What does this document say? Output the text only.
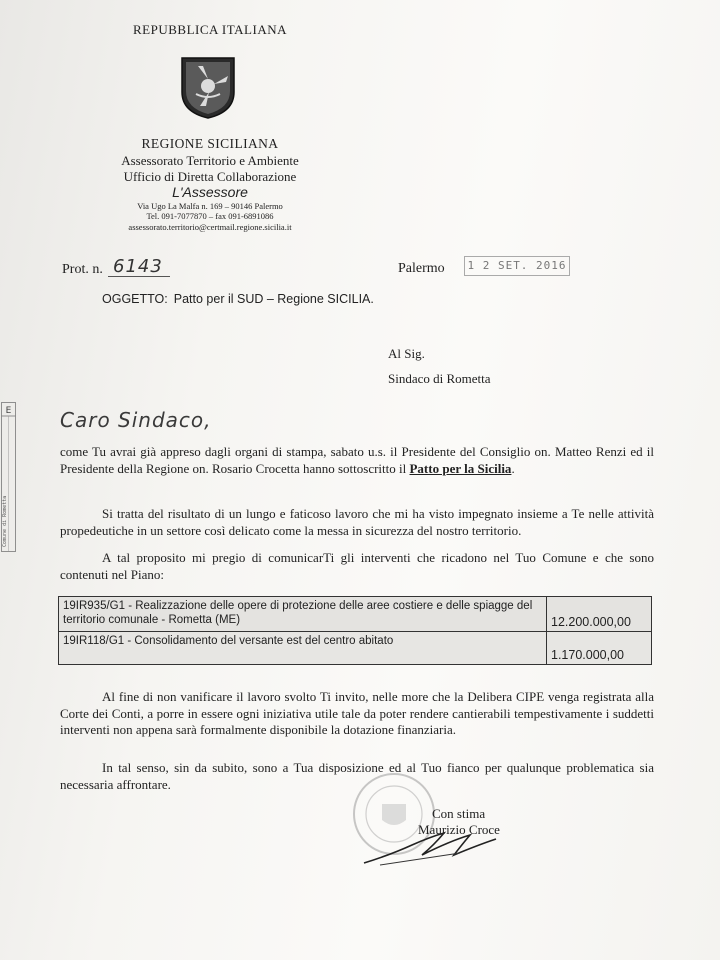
REPUBBLICA ITALIANA
REGIONE SICILIANA
Assessorato Territorio e Ambiente
Ufficio di Diretta Collaborazione
L'Assessore
Via Ugo La Malfa n. 169 – 90146 Palermo
Tel. 091-7077870 – fax 091-6891086
assessorato.territorio@certmail.regione.sicilia.it
Prot. n. 6143	Palermo	1 2 SET. 2016
OGGETTO: Patto per il SUD – Regione SICILIA.
Al Sig.
Sindaco di Rometta
E
Comune di Rometta
Caro Sindaco,
come Tu avrai già appreso dagli organi di stampa, sabato u.s. il Presidente del Consiglio on. Matteo Renzi ed il Presidente della Regione on. Rosario Crocetta hanno sottoscritto il Patto per la Sicilia.
Si tratta del risultato di un lungo e faticoso lavoro che mi ha visto impegnato insieme a Te nelle attività propedeutiche in un settore così delicato come la messa in sicurezza del nostro territorio.
A tal proposito mi pregio di comunicarTi gli interventi che ricadono nel Tuo Comune e che sono contenuti nel Piano:
19IR935/G1 - Realizzazione delle opere di protezione delle aree costiere e delle spiagge del territorio comunale - Rometta (ME)	12.200.000,00
19IR118/G1 - Consolidamento del versante est del centro abitato	1.170.000,00
Al fine di non vanificare il lavoro svolto Ti invito, nelle more che la Delibera CIPE venga registrata alla Corte dei Conti, a porre in essere ogni iniziativa utile tale da poter rendere cantierabili tempestivamente i suddetti interventi non appena sarà formalmente disponibile la dotazione finanziaria.
In tal senso, sin da subito, sono a Tua disposizione ed al Tuo fianco per qualunque problematica sia necessaria affrontare.
Con stima
Maurizio Croce
